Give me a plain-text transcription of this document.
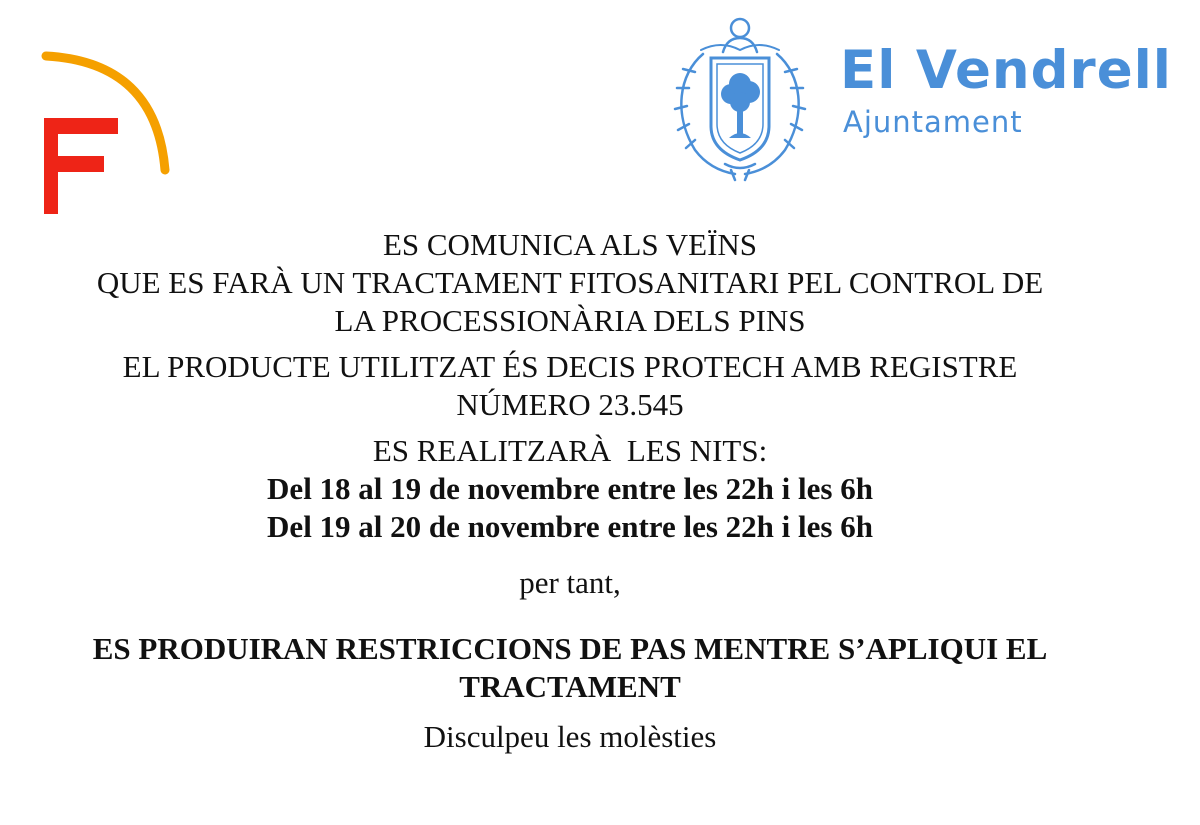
El Vendrell
Ajuntament
ES COMUNICA ALS VEÏNS
QUE ES FARÀ UN TRACTAMENT FITOSANITARI PEL CONTROL DE
LA PROCESSIONÀRIA DELS PINS
EL PRODUCTE UTILITZAT ÉS DECIS PROTECH AMB REGISTRE
NÚMERO 23.545
ES REALITZARÀ  LES NITS:
Del 18 al 19 de novembre entre les 22h i les 6h
Del 19 al 20 de novembre entre les 22h i les 6h
per tant,
ES PRODUIRAN RESTRICCIONS DE PAS MENTRE S’APLIQUI EL
TRACTAMENT
Disculpeu les molèsties
